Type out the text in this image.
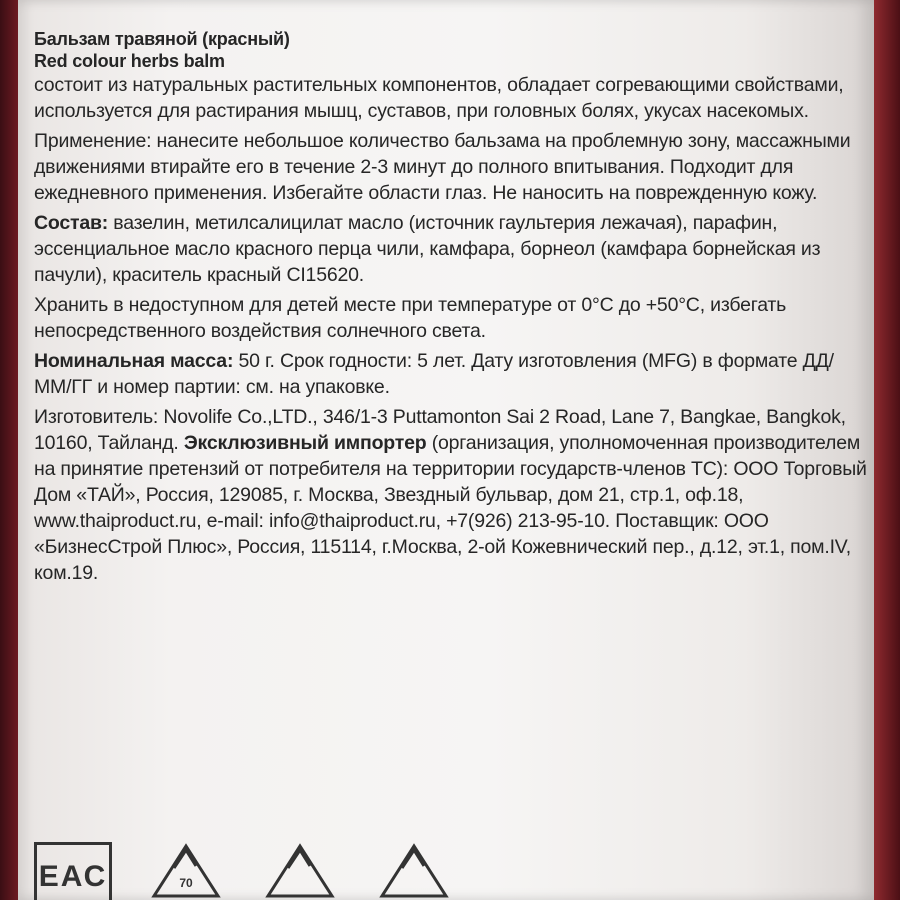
Бальзам травяной (красный)

Red colour herbs balm

состоит из натуральных растительных компонентов, обладает согревающими свойствами, используется для растирания мышц, суставов, при головных болях, укусах насекомых.

Применение: нанесите небольшое количество бальзама на проблемную зону, массажными движениями втирайте его в течение 2-3 минут до полного впитывания. Подходит для ежедневного применения. Избегайте области глаз. Не наносить на поврежденную кожу.

Состав: вазелин, метилсалицилат масло (источник гаультерия лежачая), парафин, эссенциальное масло красного перца чили, камфара, борнеол (камфара борнейская из пачули), краситель красный CI15620.

Хранить в недоступном для детей месте при температуре от 0°С до +50°С, избегать непосредственного воздействия солнечного света.

Номинальная масса: 50 г. Срок годности: 5 лет. Дату изготовления (MFG) в формате ДД/ММ/ГГ и номер партии: см. на упаковке.

Изготовитель: Novolife Co.,LTD., 346/1-3 Puttamonton Sai 2 Road, Lane 7, Bangkae, Bangkok, 10160, Тайланд. Эксклюзивный импортер (организация, уполномоченная производителем на принятие претензий от потребителя на территории государств-членов ТС): ООО Торговый Дом «ТАЙ», Россия, 129085, г. Москва, Звездный бульвар, дом 21, стр.1, оф.18, www.thaiproduct.ru, e-mail: info@thaiproduct.ru, +7(926) 213-95-10. Поставщик: ООО «БизнесСтрой Плюс», Россия, 115114, г.Москва, 2-ой Кожевнический пер., д.12, эт.1, пом.IV, ком.19.

ЕАС	70
